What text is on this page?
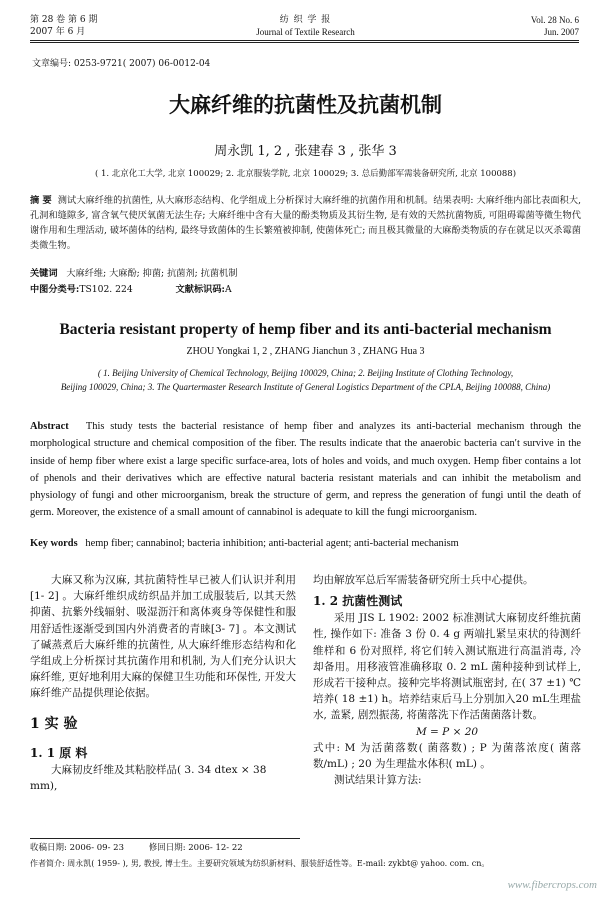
第 28 卷 第 6 期
2007 年 6 月
纺 织 学 报
Journal of Textile Research
Vol. 28 No. 6
Jun. 2007
文章编号: 0253-9721( 2007) 06-0012-04
大麻纤维的抗菌性及抗菌机制
周永凯 1, 2 , 张建春 3 , 张华 3
( 1. 北京化工大学, 北京 100029; 2. 北京服装学院, 北京 100029; 3. 总后勤部军需装备研究所, 北京 100088)
摘 要 测试大麻纤维的抗菌性, 从大麻形态结构、化学组成上分析探讨大麻纤维的抗菌作用和机制。结果表明: 大麻纤维内部比表面积大, 孔洞和缝隙多, 富含氧气使厌氧菌无法生存; 大麻纤维中含有大量的酚类物质及其衍生物, 是有效的天然抗菌物质, 可阻碍霉菌等微生物代谢作用和生理活动, 破坏菌体的结构, 最终导致菌体的生长繁殖被抑制, 使菌体死亡; 而且极其微量的大麻酚类物质的存在就足以灭杀霉菌类微生物。
关键词 大麻纤维; 大麻酚; 抑菌; 抗菌剂; 抗菌机制
中图分类号:TS102. 224	文献标识码:A
Bacteria resistant property of hemp fiber and its anti-bacterial mechanism
ZHOU Yongkai 1, 2 , ZHANG Jianchun 3 , ZHANG Hua 3
( 1. Beijing University of Chemical Technology, Beijing 100029, China; 2. Beijing Institute of Clothing Technology,
Beijing 100029, China; 3. The Quartermaster Research Institute of General Logistics Department of the CPLA, Beijing 100088, China)
Abstract This study tests the bacterial resistance of hemp fiber and analyzes its anti-bacterial mechanism through the morphological structure and chemical composition of the fiber. The results indicate that the anaerobic bacteria can′t survive in the inside of hemp fiber where exist a large specific surface-area, lots of holes and voids, and much oxygen. Hemp fiber contains a lot of phenols and their derivatives which are effective natural bacteria resistant materials and can inhibit the metabolism and physiology of fungi and other microorganism, break the structure of germ, and repress the generation of fungi until the death of germ. Moreover, the existence of a small amount of cannabinol is adequate to kill the fungi microorganism.
Key words hemp fiber; cannabinol; bacteria inhibition; anti-bacterial agent; anti-bacterial mechanism

大麻又称为汉麻, 其抗菌特性早已被人们认识并利用[1- 2] 。大麻纤维织成纺织品并加工成服装后, 以其天然抑菌、抗紫外线辐射、吸湿沥汗和离体爽身等保健性和服用舒适性逐渐受到国内外消费者的青睐[3- 7] 。本文测试了碱蒸煮后大麻纤维的抗菌性, 从大麻纤维形态结构和化学组成上分析探讨其抗菌作用和机制, 为人们充分认识大麻纤维, 更好地利用大麻的保健卫生功能和环保性, 开发大麻纤维产品提供理论依据。

1 实 验

1. 1 原 料

大麻韧皮纤维及其粘胶样品( 3. 34 dtex × 38 mm),

均由解放军总后军需装备研究所士兵中心提供。

1. 2 抗菌性测试

采用 JIS L 1902: 2002 标准测试大麻韧皮纤维抗菌性, 操作如下: 准备 3 份 0. 4 g 两端扎紧呈束状的待测纤维样和 6 份对照样, 将它们转入测试瓶进行高温消毒, 冷却备用。用移液管准确移取 0. 2 mL 菌种接种到试样上, 形成若干接种点。接种完毕将测试瓶密封, 在( 37 ±1) ℃培养( 18 ±1) h。培养结束后马上分别加入20 mL生理盐水, 盖紧, 剧烈振荡, 将菌落洗下作活菌菌落计数。

M = P × 20

式中: M 为活菌落数( 菌落数) ; P 为菌落浓度( 菌落数/mL) ; 20 为生理盐水体积( mL) 。

测试结果计算方法:

收稿日期: 2006- 09- 23	修回日期: 2006- 12- 22
作者简介: 周永凯( 1959- ), 男, 教授, 博士生。主要研究领域为纺织新材料、服装舒适性等。E-mail: zykbt@ yahoo. com. cn。
www.fibercrops.com
